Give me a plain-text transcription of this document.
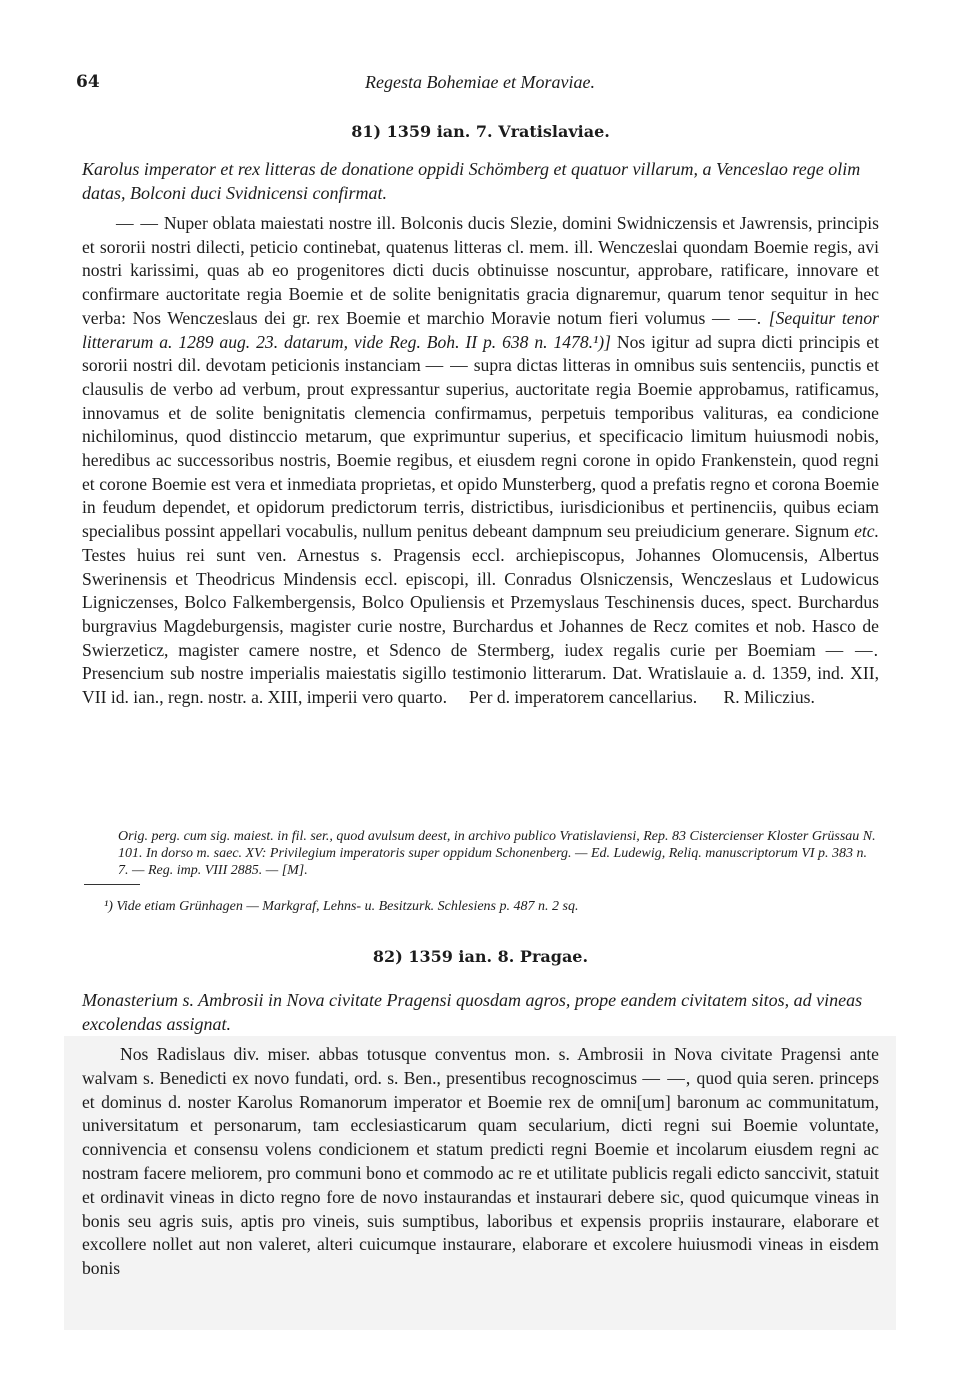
64	Regesta Bohemiae et Moraviae.
81) 1359 ian. 7. Vratislaviae.
Karolus imperator et rex litteras de donatione oppidi Schömberg et quatuor villarum, a Venceslao rege olim datas, Bolconi duci Svidnicensi confirmat.

— — Nuper oblata maiestati nostre ill. Bolconis ducis Slezie, domini Swidniczensis et Jawrensis, principis et sororii nostri dilecti, peticio continebat, quatenus litteras cl. mem. ill. Wenczeslai quondam Boemie regis, avi nostri karissimi, quas ab eo progenitores dicti ducis obtinuisse noscuntur, approbare, ratificare, innovare et confirmare auctoritate regia Boemie et de solite benignitatis gracia dignaremur, quarum tenor sequitur in hec verba: Nos Wenczeslaus dei gr. rex Boemie et marchio Moravie notum fieri volumus — —. [Sequitur tenor litterarum a. 1289 aug. 23. datarum, vide Reg. Boh. II p. 638 n. 1478.¹)] Nos igitur ad supra dicti principis et sororii nostri dil. devotam peticionis instanciam — — supra dictas litteras in omnibus suis sentenciis, punctis et clausulis de verbo ad verbum, prout expressantur superius, auctoritate regia Boemie approbamus, ratificamus, innovamus et de solite benignitatis clemencia confirmamus, perpetuis temporibus valituras, ea condicione nichilominus, quod distinccio metarum, que exprimuntur superius, et specificacio limitum huiusmodi nobis, heredibus ac successoribus nostris, Boemie regibus, et eiusdem regni corone in opido Frankenstein, quod regni et corone Boemie est vera et inmediata proprietas, et opido Munsterberg, quod a prefatis regno et corona Boemie in feudum dependet, et opidorum predictorum terris, districtibus, iurisdicionibus et pertinenciis, quibus eciam specialibus possint appellari vocabulis, nullum penitus debeant dampnum seu preiudicium generare. Signum etc. Testes huius rei sunt ven. Arnestus s. Pragensis eccl. archiepiscopus, Johannes Olomucensis, Albertus Swerinensis et Theodricus Mindensis eccl. episcopi, ill. Conradus Olsniczensis, Wenczeslaus et Ludowicus Ligniczenses, Bolco Falkembergensis, Bolco Opuliensis et Przemyslaus Teschinensis duces, spect. Burchardus burgravius Magdeburgensis, magister curie nostre, Burchardus et Johannes de Recz comites et nob. Hasco de Swierzeticz, magister camere nostre, et Sdenco de Stermberg, iudex regalis curie per Boemiam — —. Presencium sub nostre imperialis maiestatis sigillo testimonio litterarum. Dat. Wratislauie a. d. 1359, ind. XII, VII id. ian., regn. nostr. a. XIII, imperii vero quarto. Per d. imperatorem cancellarius. R. Miliczius.

Orig. perg. cum sig. maiest. in fil. ser., quod avulsum deest, in archivo publico Vratislaviensi, Rep. 83 Cistercienser Kloster Grüssau N. 101. In dorso m. saec. XV: Privilegium imperatoris super oppidum Schonenberg. — Ed. Ludewig, Reliq. manuscriptorum VI p. 383 n. 7. — Reg. imp. VIII 2885. — [M].
¹) Vide etiam Grünhagen — Markgraf, Lehns- u. Besitzurk. Schlesiens p. 487 n. 2 sq.
82) 1359 ian. 8. Pragae.
Monasterium s. Ambrosii in Nova civitate Pragensi quosdam agros, prope eandem civitatem sitos, ad vineas excolendas assignat.

Nos Radislaus div. miser. abbas totusque conventus mon. s. Ambrosii in Nova civitate Pragensi ante walvam s. Benedicti ex novo fundati, ord. s. Ben., presentibus recognoscimus — —, quod quia seren. princeps et dominus d. noster Karolus Romanorum imperator et Boemie rex de omni[um] baronum ac communitatum, universitatum et personarum, tam ecclesiasticarum quam secularium, dicti regni sui Boemie voluntate, connivencia et consensu volens condicionem et statum predicti regni Boemie et incolarum eiusdem regni ac nostram facere meliorem, pro communi bono et commodo ac re et utilitate publicis regali edicto sanccivit, statuit et ordinavit vineas in dicto regno fore de novo instaurandas et instaurari debere sic, quod quicumque vineas in bonis seu agris suis, aptis pro vineis, suis sumptibus, laboribus et expensis propriis instaurare, elaborare et excollere nollet aut non valeret, alteri cuicumque instaurare, elaborare et excolere huiusmodi vineas in eisdem bonis
